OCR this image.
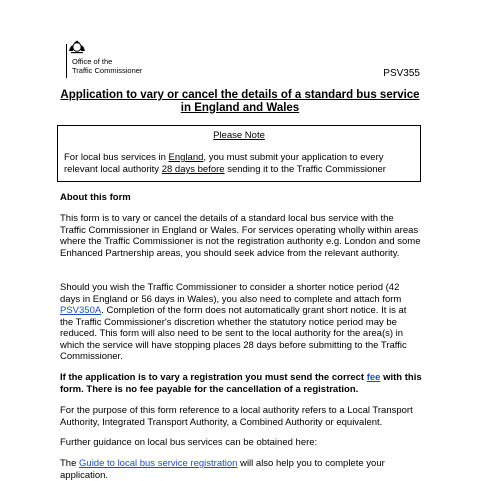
Office of the
Traffic Commissioner	PSV355
Application to vary or cancel the details of a standard bus service
in England and Wales
Please Note
For local bus services in England, you must submit your application to every relevant local authority 28 days before sending it to the Traffic Commissioner
About this form
This form is to vary or cancel the details of a standard local bus service with the Traffic Commissioner in England or Wales. For services operating wholly within areas where the Traffic Commissioner is not the registration authority e.g. London and some Enhanced Partnership areas, you should seek advice from the relevant authority.
Should you wish the Traffic Commissioner to consider a shorter notice period (42 days in England or 56 days in Wales), you also need to complete and attach form PSV350A. Completion of the form does not automatically grant short notice. It is at the Traffic Commissioner's discretion whether the statutory notice period may be reduced. This form will also need to be sent to the local authority for the area(s) in which the service will have stopping places 28 days before submitting to the Traffic Commissioner.
If the application is to vary a registration you must send the correct fee with this form. There is no fee payable for the cancellation of a registration.
For the purpose of this form reference to a local authority refers to a Local Transport Authority, Integrated Transport Authority, a Combined Authority or equivalent.
Further guidance on local bus services can be obtained here:
The Guide to local bus service registration will also help you to complete your application.
